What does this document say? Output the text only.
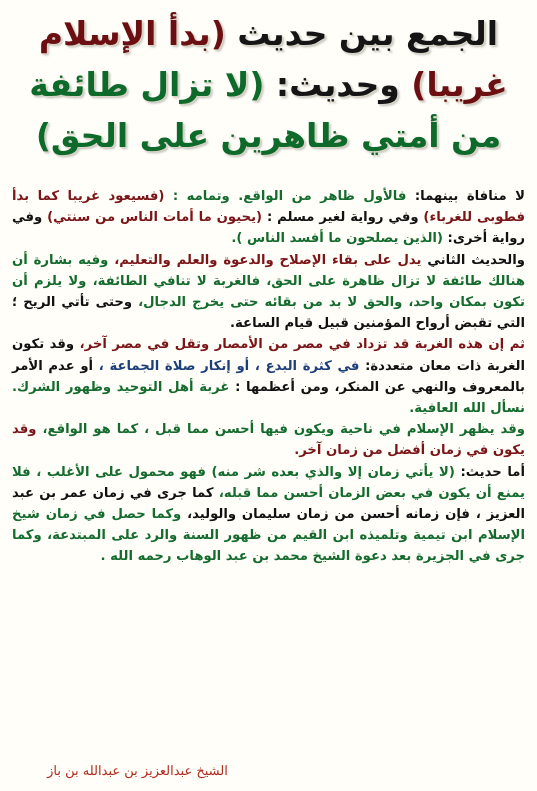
الجمع بين حديث (بدأ الإسلام
غريبا) وحديث: (لا تزال طائفة
من أمتي ظاهرين على الحق)

لا منافاة بينهما: فالأول ظاهر من الواقع. وتمامه : (فسيعود غريبا كما بدأ فطوبى للغرباء) وفي رواية لغير مسلم : (يحيون ما أمات الناس من سنتي) وفي رواية أخرى: (الذين يصلحون ما أفسد الناس ).

والحديث الثاني يدل على بقاء الإصلاح والدعوة والعلم والتعليم، وفيه بشارة أن هنالك طائفة لا تزال ظاهرة على الحق، فالغربة لا تنافي الطائفة، ولا يلزم أن تكون بمكان واحد، والحق لا بد من بقائه حتى يخرج الدجال، وحتى تأتي الريح ؛ التي تقبض أرواح المؤمنين قبيل قيام الساعة.

ثم إن هذه الغربة قد تزداد في مصر من الأمصار وتقل في مصر آخر، وقد تكون الغربة ذات معان متعددة: في كثرة البدع ، أو إنكار صلاة الجماعة ، أو عدم الأمر بالمعروف والنهي عن المنكر، ومن أعظمها : غربة أهل التوحيد وظهور الشرك. نسأل الله العافية.

وقد يظهر الإسلام في ناحية ويكون فيها أحسن مما قبل ، كما هو الواقع، وقد يكون في زمان أفضل من زمان آخر.

أما حديث: (لا يأتي زمان إلا والذي بعده شر منه) فهو محمول على الأغلب ، فلا يمنع أن يكون في بعض الزمان أحسن مما قبله، كما جرى في زمان عمر بن عبد العزيز ، فإن زمانه أحسن من زمان سليمان والوليد، وكما حصل في زمان شيخ الإسلام ابن تيمية وتلميذه ابن القيم من ظهور السنة والرد على المبتدعة، وكما جرى في الجزيرة بعد دعوة الشيخ محمد بن عبد الوهاب رحمه الله .

الشيخ عبدالعزيز بن عبدالله بن باز
